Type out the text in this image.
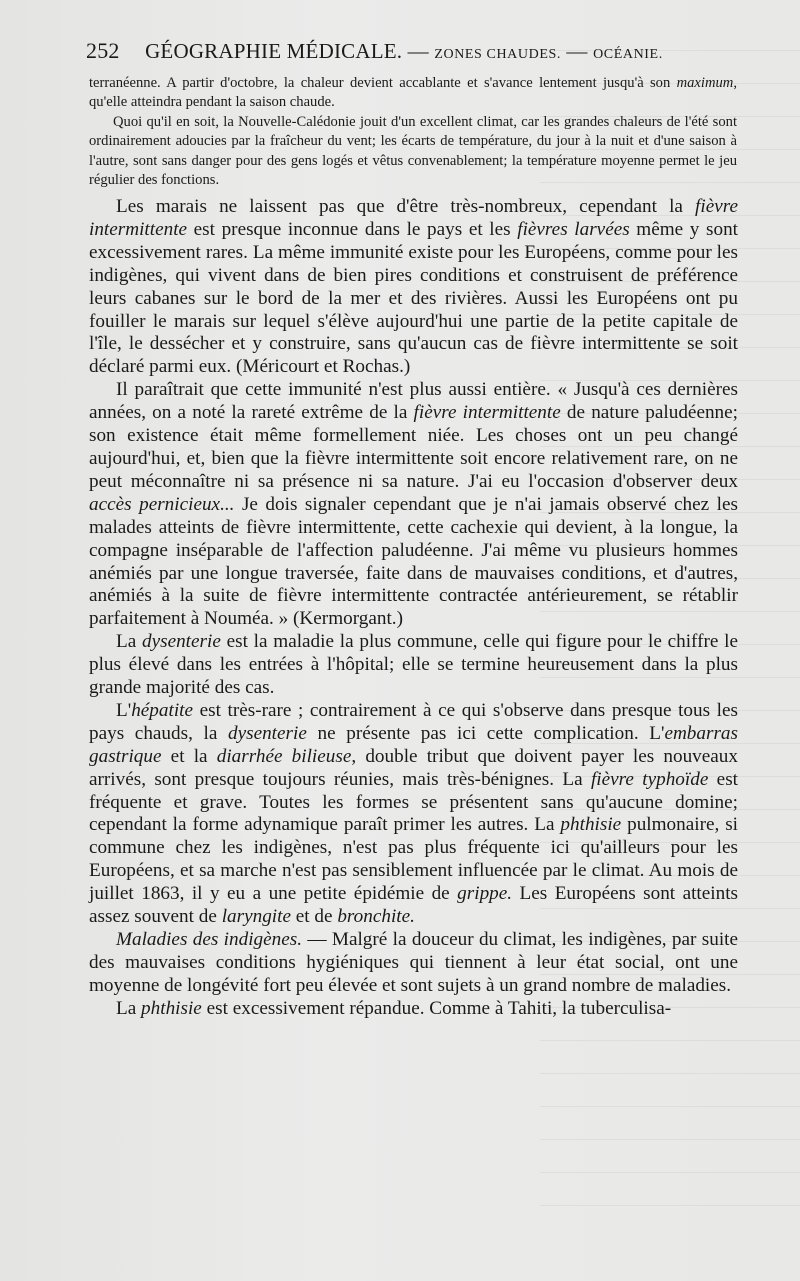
252 GÉOGRAPHIE MÉDICALE. — ZONES CHAUDES. — OCÉANIE.

terranéenne. A partir d'octobre, la chaleur devient accablante et s'avance lentement jusqu'à son maximum, qu'elle atteindra pendant la saison chaude.

Quoi qu'il en soit, la Nouvelle-Calédonie jouit d'un excellent climat, car les grandes chaleurs de l'été sont ordinairement adoucies par la fraîcheur du vent; les écarts de température, du jour à la nuit et d'une saison à l'autre, sont sans danger pour des gens logés et vêtus convenablement; la température moyenne permet le jeu régulier des fonctions.

Les marais ne laissent pas que d'être très-nombreux, cependant la fièvre intermittente est presque inconnue dans le pays et les fièvres larvées même y sont excessivement rares. La même immunité existe pour les Européens, comme pour les indigènes, qui vivent dans de bien pires conditions et construisent de préférence leurs cabanes sur le bord de la mer et des rivières. Aussi les Européens ont pu fouiller le marais sur lequel s'élève aujourd'hui une partie de la petite capitale de l'île, le dessécher et y construire, sans qu'aucun cas de fièvre intermittente se soit déclaré parmi eux. (Méricourt et Rochas.)

Il paraîtrait que cette immunité n'est plus aussi entière. « Jusqu'à ces dernières années, on a noté la rareté extrême de la fièvre intermittente de nature paludéenne; son existence était même formellement niée. Les choses ont un peu changé aujourd'hui, et, bien que la fièvre intermittente soit encore relativement rare, on ne peut méconnaître ni sa présence ni sa nature. J'ai eu l'occasion d'observer deux accès pernicieux... Je dois signaler cependant que je n'ai jamais observé chez les malades atteints de fièvre intermittente, cette cachexie qui devient, à la longue, la compagne inséparable de l'affection paludéenne. J'ai même vu plusieurs hommes anémiés par une longue traversée, faite dans de mauvaises conditions, et d'autres, anémiés à la suite de fièvre intermittente contractée antérieurement, se rétablir parfaitement à Nouméa. » (Kermorgant.)

La dysenterie est la maladie la plus commune, celle qui figure pour le chiffre le plus élevé dans les entrées à l'hôpital; elle se termine heureusement dans la plus grande majorité des cas.

L'hépatite est très-rare ; contrairement à ce qui s'observe dans presque tous les pays chauds, la dysenterie ne présente pas ici cette complication. L'embarras gastrique et la diarrhée bilieuse, double tribut que doivent payer les nouveaux arrivés, sont presque toujours réunies, mais très-bénignes. La fièvre typhoïde est fréquente et grave. Toutes les formes se présentent sans qu'aucune domine; cependant la forme adynamique paraît primer les autres. La phthisie pulmonaire, si commune chez les indigènes, n'est pas plus fréquente ici qu'ailleurs pour les Européens, et sa marche n'est pas sensiblement influencée par le climat. Au mois de juillet 1863, il y eu a une petite épidémie de grippe. Les Européens sont atteints assez souvent de laryngite et de bronchite.

Maladies des indigènes. — Malgré la douceur du climat, les indigènes, par suite des mauvaises conditions hygiéniques qui tiennent à leur état social, ont une moyenne de longévité fort peu élevée et sont sujets à un grand nombre de maladies.

La phthisie est excessivement répandue. Comme à Tahiti, la tuberculisa-
